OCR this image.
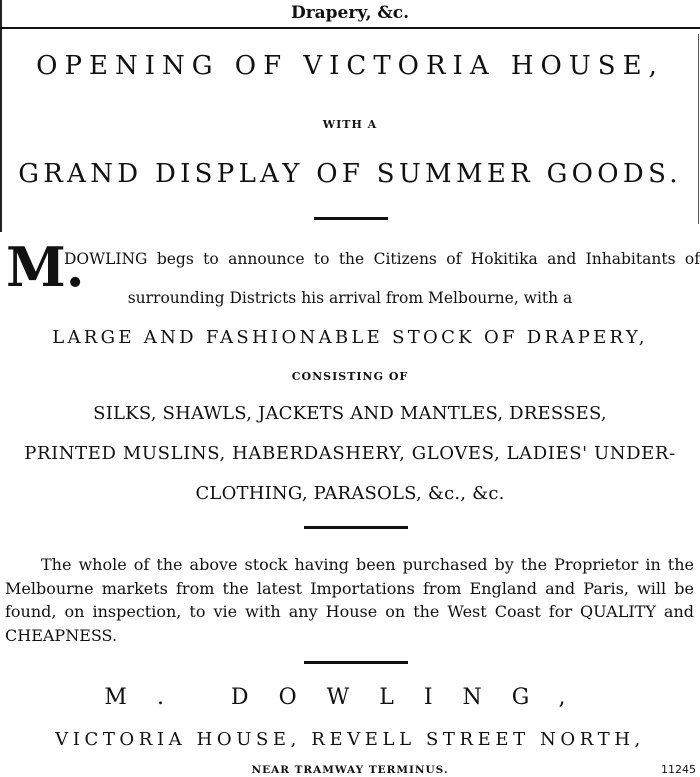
Drapery, &c.
OPENING OF VICTORIA HOUSE,
WITH A
GRAND DISPLAY OF SUMMER GOODS.
M.
DOWLING begs to announce to the Citizens of Hokitika and Inhabitants of
surrounding Districts his arrival from Melbourne, with a
LARGE AND FASHIONABLE STOCK OF DRAPERY,
CONSISTING OF
SILKS, SHAWLS, JACKETS AND MANTLES, DRESSES,
PRINTED MUSLINS, HABERDASHERY, GLOVES, LADIES' UNDER-
CLOTHING, PARASOLS, &c., &c.
The whole of the above stock having been purchased by the Proprietor in the Melbourne markets from the latest Importations from England and Paris, will be found, on inspection, to vie with any House on the West Coast for QUALITY and CHEAPNESS.
M. DOWLING,
VICTORIA HOUSE, REVELL STREET NORTH,
NEAR TRAMWAY TERMINUS.	11245
